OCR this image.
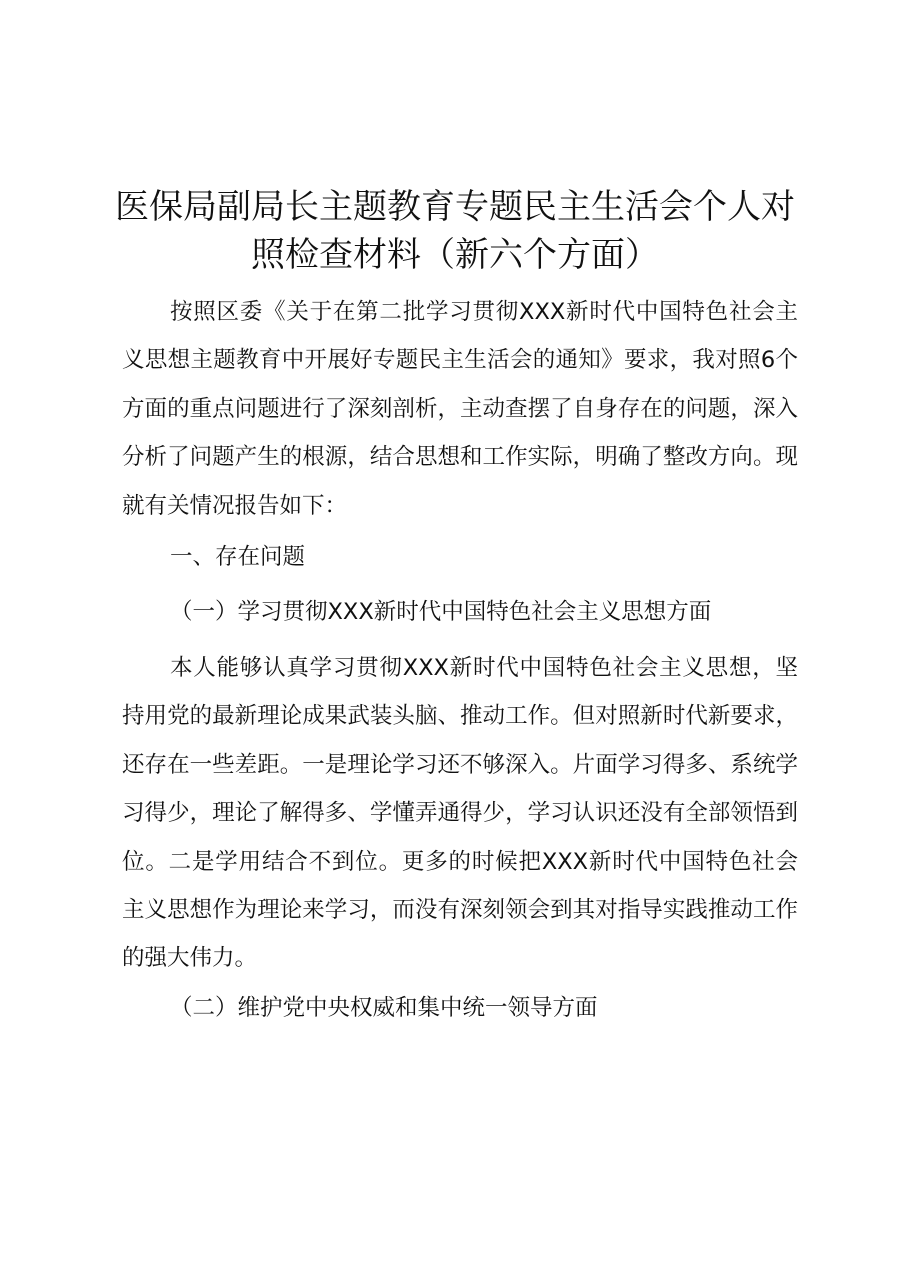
医保局副局长主题教育专题民主生活会个人对
照检查材料（新六个方面）

按照区委《关于在第二批学习贯彻XXX新时代中国特色社会主义思想主题教育中开展好专题民主生活会的通知》要求，我对照6个方面的重点问题进行了深刻剖析，主动查摆了自身存在的问题，深入分析了问题产生的根源，结合思想和工作实际，明确了整改方向。现就有关情况报告如下：

一、存在问题

（一）学习贯彻XXX新时代中国特色社会主义思想方面

本人能够认真学习贯彻XXX新时代中国特色社会主义思想，坚持用党的最新理论成果武装头脑、推动工作。但对照新时代新要求，还存在一些差距。一是理论学习还不够深入。片面学习得多、系统学习得少，理论了解得多、学懂弄通得少，学习认识还没有全部领悟到位。二是学用结合不到位。更多的时候把XXX新时代中国特色社会主义思想作为理论来学习，而没有深刻领会到其对指导实践推动工作的强大伟力。

（二）维护党中央权威和集中统一领导方面
